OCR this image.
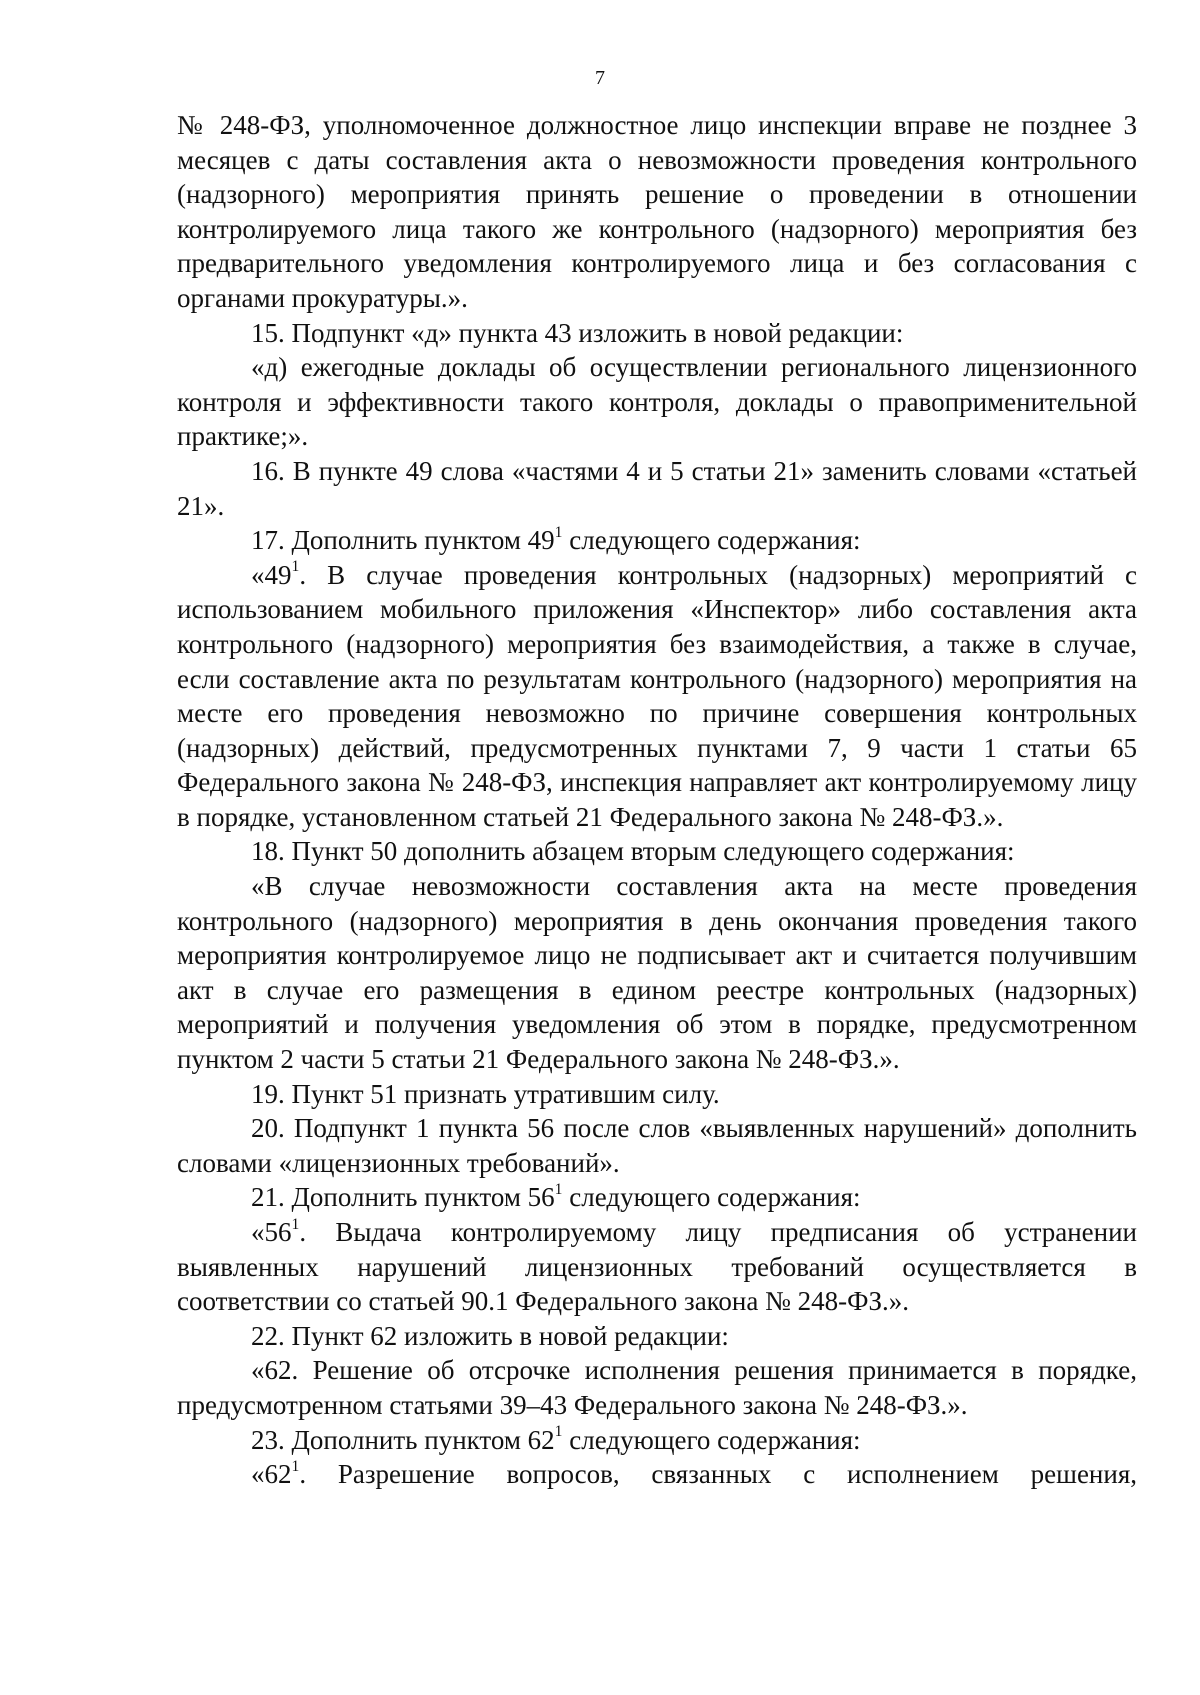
7

№ 248-ФЗ, уполномоченное должностное лицо инспекции вправе не позднее 3 месяцев с даты составления акта о невозможности проведения контрольного (надзорного) мероприятия принять решение о проведении в отношении контролируемого лица такого же контрольного (надзорного) мероприятия без предварительного уведомления контролируемого лица и без согласования с органами прокуратуры.».

15. Подпункт «д» пункта 43 изложить в новой редакции:

«д) ежегодные доклады об осуществлении регионального лицензионного контроля и эффективности такого контроля, доклады о правоприменительной практике;».

16. В пункте 49 слова «частями 4 и 5 статьи 21» заменить словами «статьей 21».

17. Дополнить пунктом $49^1$ следующего содержания:

«$49^1$. В случае проведения контрольных (надзорных) мероприятий с использованием мобильного приложения «Инспектор» либо составления акта контрольного (надзорного) мероприятия без взаимодействия, а также в случае, если составление акта по результатам контрольного (надзорного) мероприятия на месте его проведения невозможно по причине совершения контрольных (надзорных) действий, предусмотренных пунктами 7, 9 части 1 статьи 65 Федерального закона № 248-ФЗ, инспекция направляет акт контролируемому лицу в порядке, установленном статьей 21 Федерального закона № 248-ФЗ.».

18. Пункт 50 дополнить абзацем вторым следующего содержания:

«В случае невозможности составления акта на месте проведения контрольного (надзорного) мероприятия в день окончания проведения такого мероприятия контролируемое лицо не подписывает акт и считается получившим акт в случае его размещения в едином реестре контрольных (надзорных) мероприятий и получения уведомления об этом в порядке, предусмотренном пунктом 2 части 5 статьи 21 Федерального закона № 248-ФЗ.».

19. Пункт 51 признать утратившим силу.

20. Подпункт 1 пункта 56 после слов «выявленных нарушений» дополнить словами «лицензионных требований».

21. Дополнить пунктом $56^1$ следующего содержания:

«$56^1$. Выдача контролируемому лицу предписания об устранении выявленных нарушений лицензионных требований осуществляется в соответствии со статьей 90.1 Федерального закона № 248-ФЗ.».

22. Пункт 62 изложить в новой редакции:

«62. Решение об отсрочке исполнения решения принимается в порядке, предусмотренном статьями 39–43 Федерального закона № 248-ФЗ.».

23. Дополнить пунктом $62^1$ следующего содержания:

«$62^1$. Разрешение вопросов, связанных с исполнением решения,
